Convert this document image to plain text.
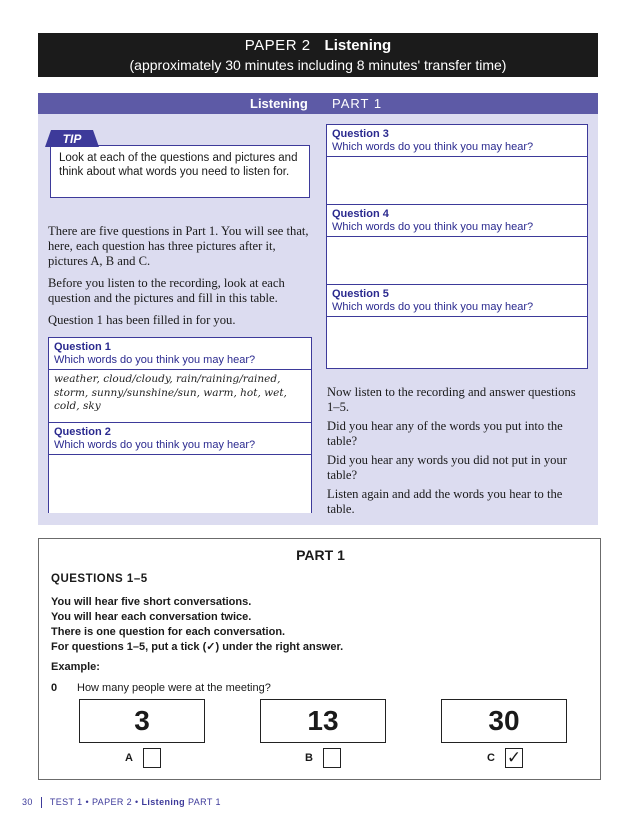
PAPER 2 Listening
(approximately 30 minutes including 8 minutes' transfer time)
Listening PART 1
Look at each of the questions and pictures and think about what words you need to listen for.
TIP
There are five questions in Part 1. You will see that, here, each question has three pictures after it, pictures A, B and C.
Before you listen to the recording, look at each question and the pictures and fill in this table.
Question 1 has been filled in for you.
Question 1
Which words do you think you may hear?
weather, cloud/cloudy, rain/raining/rained, storm, sunny/sunshine/sun, warm, hot, wet, cold, sky
Question 2
Which words do you think you may hear?
Question 3
Which words do you think you may hear?
Question 4
Which words do you think you may hear?
Question 5
Which words do you think you may hear?
Now listen to the recording and answer questions 1–5.
Did you hear any of the words you put into the table?
Did you hear any words you did not put in your table?
Listen again and add the words you hear to the table.
PART 1
QUESTIONS 1–5
You will hear five short conversations.
You will hear each conversation twice.
There is one question for each conversation.
For questions 1–5, put a tick (✓) under the right answer.
Example:
0 How many people were at the meeting?
3	13	30
A	B	C ✓
30 TEST 1 • PAPER 2 • Listening PART 1
